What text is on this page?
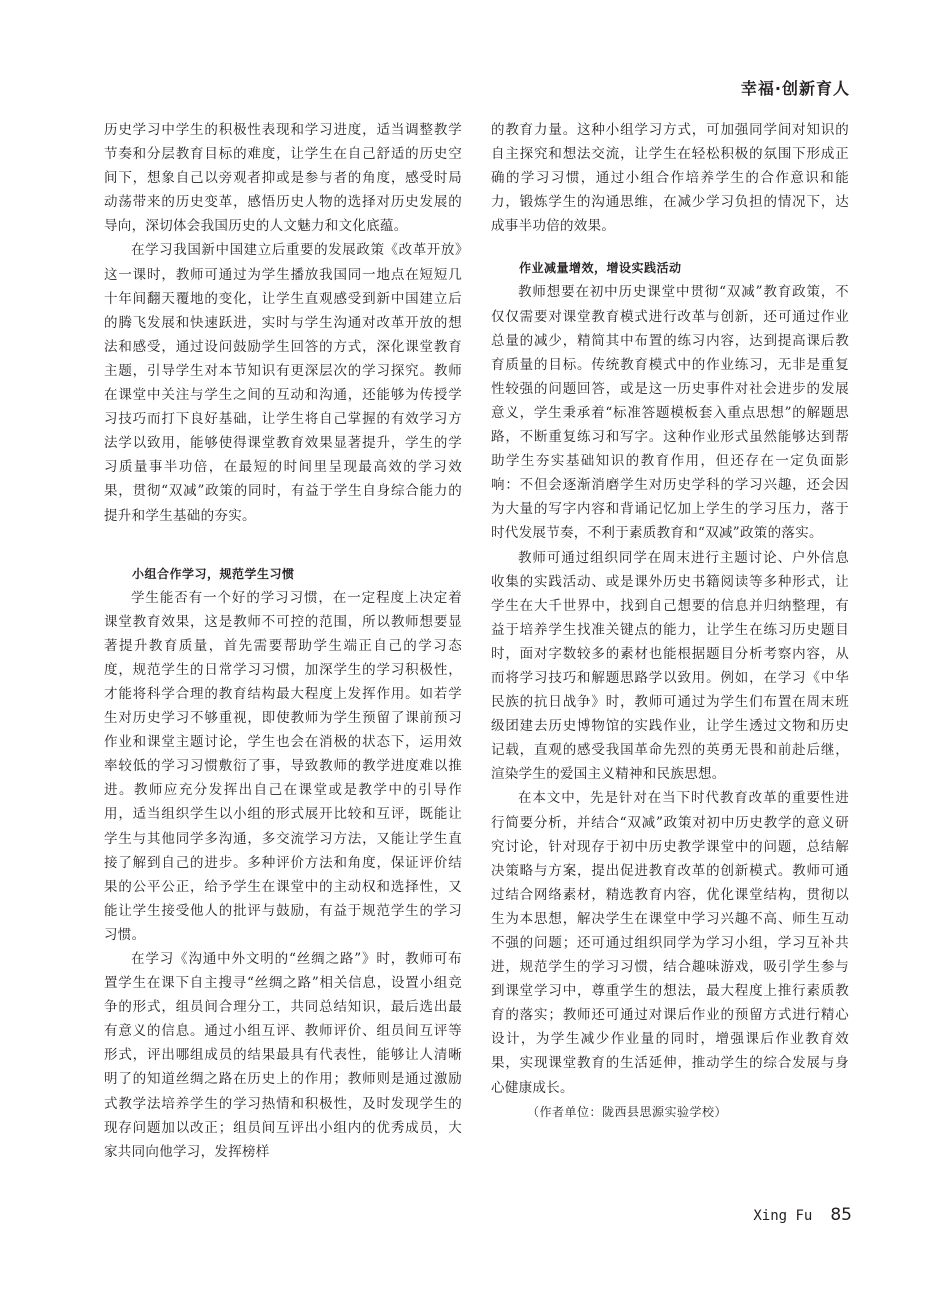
幸福·创新育人

历史学习中学生的积极性表现和学习进度，适当调整教学节奏和分层教育目标的难度，让学生在自己舒适的历史空间下，想象自己以旁观者抑或是参与者的角度，感受时局动荡带来的历史变革，感悟历史人物的选择对历史发展的导向，深切体会我国历史的人文魅力和文化底蕴。

在学习我国新中国建立后重要的发展政策《改革开放》这一课时，教师可通过为学生播放我国同一地点在短短几十年间翻天覆地的变化，让学生直观感受到新中国建立后的腾飞发展和快速跃进，实时与学生沟通对改革开放的想法和感受，通过设问鼓励学生回答的方式，深化课堂教育主题，引导学生对本节知识有更深层次的学习探究。教师在课堂中关注与学生之间的互动和沟通，还能够为传授学习技巧而打下良好基础，让学生将自己掌握的有效学习方法学以致用，能够使得课堂教育效果显著提升，学生的学习质量事半功倍，在最短的时间里呈现最高效的学习效果，贯彻“双减”政策的同时，有益于学生自身综合能力的提升和学生基础的夯实。

小组合作学习，规范学生习惯

学生能否有一个好的学习习惯，在一定程度上决定着课堂教育效果，这是教师不可控的范围，所以教师想要显著提升教育质量，首先需要帮助学生端正自己的学习态度，规范学生的日常学习习惯，加深学生的学习积极性，才能将科学合理的教育结构最大程度上发挥作用。如若学生对历史学习不够重视，即使教师为学生预留了课前预习作业和课堂主题讨论，学生也会在消极的状态下，运用效率较低的学习习惯敷衍了事，导致教师的教学进度难以推进。教师应充分发挥出自己在课堂或是教学中的引导作用，适当组织学生以小组的形式展开比较和互评，既能让学生与其他同学多沟通，多交流学习方法，又能让学生直接了解到自己的进步。多种评价方法和角度，保证评价结果的公平公正，给予学生在课堂中的主动权和选择性，又能让学生接受他人的批评与鼓励，有益于规范学生的学习习惯。

在学习《沟通中外文明的“丝绸之路”》时，教师可布置学生在课下自主搜寻“丝绸之路”相关信息，设置小组竞争的形式，组员间合理分工，共同总结知识，最后选出最有意义的信息。通过小组互评、教师评价、组员间互评等形式，评出哪组成员的结果最具有代表性，能够让人清晰明了的知道丝绸之路在历史上的作用；教师则是通过激励式教学法培养学生的学习热情和积极性，及时发现学生的现存问题加以改正；组员间互评出小组内的优秀成员，大家共同向他学习，发挥榜样

的教育力量。这种小组学习方式，可加强同学间对知识的自主探究和想法交流，让学生在轻松积极的氛围下形成正确的学习习惯，通过小组合作培养学生的合作意识和能力，锻炼学生的沟通思维，在减少学习负担的情况下，达成事半功倍的效果。

作业减量增效，增设实践活动

教师想要在初中历史课堂中贯彻“双减”教育政策，不仅仅需要对课堂教育模式进行改革与创新，还可通过作业总量的减少，精简其中布置的练习内容，达到提高课后教育质量的目标。传统教育模式中的作业练习，无非是重复性较强的问题回答，或是这一历史事件对社会进步的发展意义，学生秉承着“标准答题模板套入重点思想”的解题思路，不断重复练习和写字。这种作业形式虽然能够达到帮助学生夯实基础知识的教育作用，但还存在一定负面影响：不但会逐渐消磨学生对历史学科的学习兴趣，还会因为大量的写字内容和背诵记忆加上学生的学习压力，落于时代发展节奏，不利于素质教育和“双减”政策的落实。

教师可通过组织同学在周末进行主题讨论、户外信息收集的实践活动、或是课外历史书籍阅读等多种形式，让学生在大千世界中，找到自己想要的信息并归纳整理，有益于培养学生找准关键点的能力，让学生在练习历史题目时，面对字数较多的素材也能根据题目分析考察内容，从而将学习技巧和解题思路学以致用。例如，在学习《中华民族的抗日战争》时，教师可通过为学生们布置在周末班级团建去历史博物馆的实践作业，让学生透过文物和历史记载，直观的感受我国革命先烈的英勇无畏和前赴后继，渲染学生的爱国主义精神和民族思想。

在本文中，先是针对在当下时代教育改革的重要性进行简要分析，并结合“双减”政策对初中历史教学的意义研究讨论，针对现存于初中历史教学课堂中的问题，总结解决策略与方案，提出促进教育改革的创新模式。教师可通过结合网络素材，精选教育内容，优化课堂结构，贯彻以生为本思想，解决学生在课堂中学习兴趣不高、师生互动不强的问题；还可通过组织同学为学习小组，学习互补共进，规范学生的学习习惯，结合趣味游戏，吸引学生参与到课堂学习中，尊重学生的想法，最大程度上推行素质教育的落实；教师还可通过对课后作业的预留方式进行精心设计，为学生减少作业量的同时，增强课后作业教育效果，实现课堂教育的生活延伸，推动学生的综合发展与身心健康成长。

（作者单位：陇西县思源实验学校）

Xing Fu 85
